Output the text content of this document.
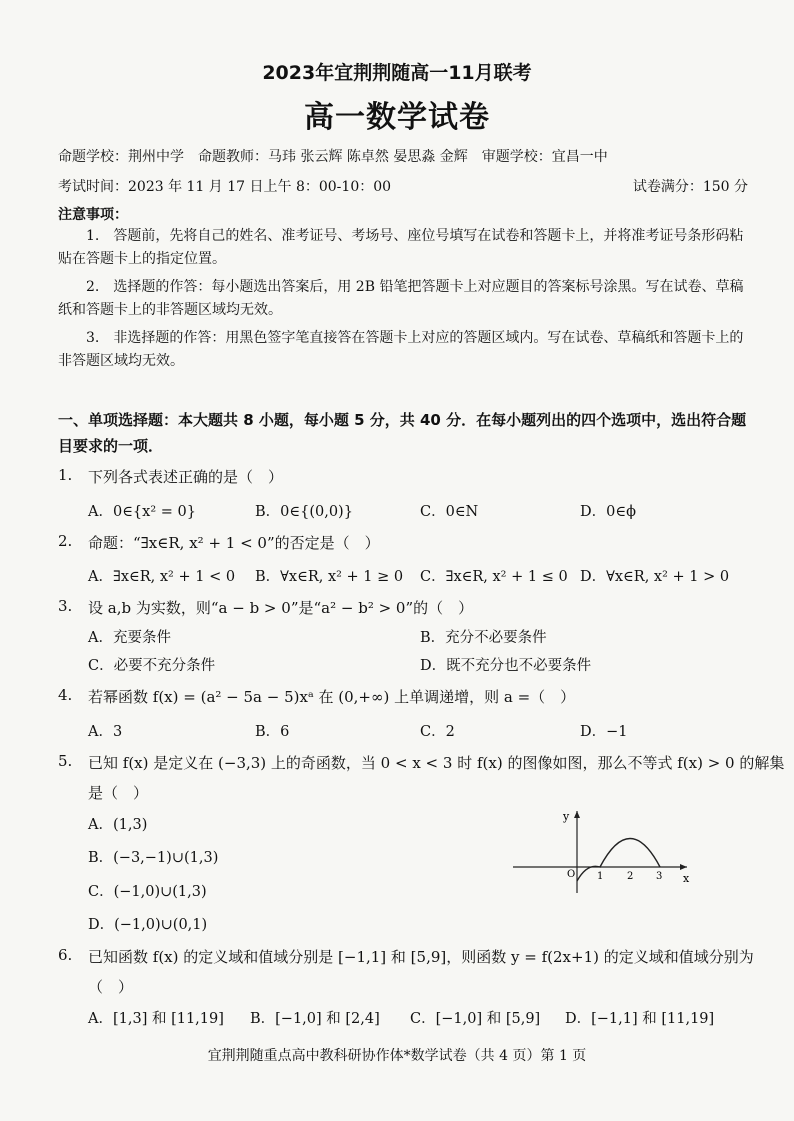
2023年宜荆荆随高一11月联考
高一数学试卷
命题学校：荆州中学　命题教师：马玮 张云辉 陈卓然 晏思淼 金辉　审题学校：宜昌一中
考试时间：2023 年 11 月 17 日上午 8：00-10：00	试卷满分：150 分
注意事项：
1.　答题前，先将自己的姓名、准考证号、考场号、座位号填写在试卷和答题卡上，并将准考证号条形码粘贴在答题卡上的指定位置。
2.　选择题的作答：每小题选出答案后，用 2B 铅笔把答题卡上对应题目的答案标号涂黑。写在试卷、草稿纸和答题卡上的非答题区域均无效。
3.　非选择题的作答：用黑色签字笔直接答在答题卡上对应的答题区域内。写在试卷、草稿纸和答题卡上的非答题区域均无效。
一、单项选择题：本大题共 8 小题，每小题 5 分，共 40 分．在每小题列出的四个选项中，选出符合题目要求的一项．
1. 下列各式表述正确的是（　）
A．0∈{x² = 0}	B．0∈{(0,0)}	C．0∈N	D．0∈ϕ
2. 命题：“∃x∈R, x² + 1 < 0”的否定是（　）
A．∃x∈R, x² + 1 < 0 B．∀x∈R, x² + 1 ≥ 0 C．∃x∈R, x² + 1 ≤ 0 D．∀x∈R, x² + 1 > 0
3. 设 a,b 为实数，则“a − b > 0”是“a² − b² > 0”的（　）
A．充要条件	B．充分不必要条件
C．必要不充分条件	D．既不充分也不必要条件
4. 若幂函数 f(x) = (a² − 5a − 5)xᵃ 在 (0,+∞) 上单调递增，则 a =（　）
A．3	B．6	C．2	D．−1
5. 已知 f(x) 是定义在 (−3,3) 上的奇函数，当 0 < x < 3 时 f(x) 的图像如图，那么不等式 f(x) > 0 的解集
是（　）
A．(1,3)
B．(−3,−1)∪(1,3)
C．(−1,0)∪(1,3)
D．(−1,0)∪(0,1)
y
x
O 1 2 3
6. 已知函数 f(x) 的定义域和值域分别是 [−1,1] 和 [5,9]，则函数 y = f(2x+1) 的定义域和值域分别为
（　）
A．[1,3] 和 [11,19] B．[−1,0] 和 [2,4] C．[−1,0] 和 [5,9] D．[−1,1] 和 [11,19]
宜荆荆随重点高中教科研协作体*数学试卷（共 4 页）第 1 页
